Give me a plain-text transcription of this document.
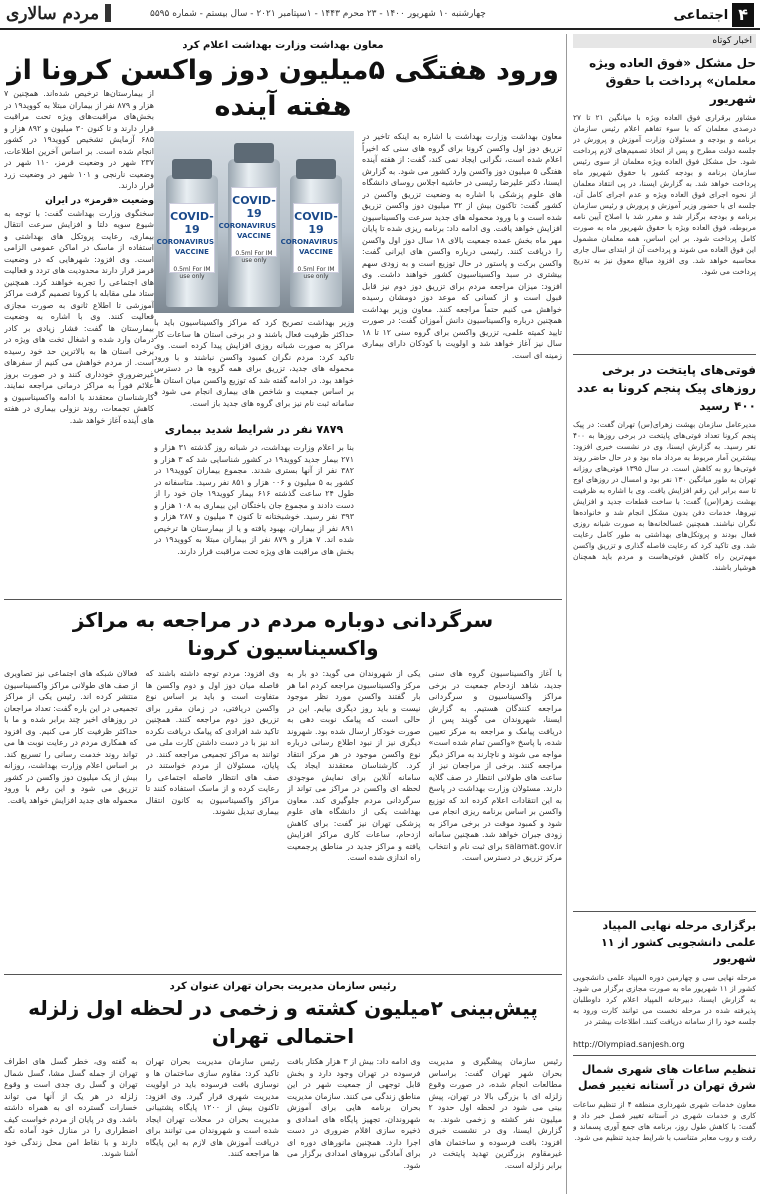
۴
اجتماعی
چهارشنبه ۱۰ شهریور ۱۴۰۰ - ۲۳ محرم ۱۴۴۳ - ۱سپتامبر ۲۰۲۱ - سال بیستم - شماره ۵۵۹۵
مردم سالاری
اخبار کوتاه
حل مشکل «فوق العاده ویژه معلمان» پرداخت با حقوق شهریور

مشاور برقراری فوق العاده ویژه با میانگین ۲۱ تا ۲۷ درصدی معلمان که با سوء تفاهم اعلام رئیس سازمان برنامه و بودجه و مسئولان وزارت آموزش و پرورش در جلسه دولت مطرح و پس از اتخاذ تصمیم‌های لازم پرداخت شود. حل مشکل فوق العاده ویژه معلمان از سوی رئیس سازمان برنامه و بودجه کشور با حقوق شهریور ماه پرداخت خواهد شد. به گزارش ایسنا، در پی انتقاد معلمان از نحوه اجرای فوق العاده ویژه و عدم اجرای کامل آن، جلسه ای با حضور وزیر آموزش و پرورش و رئیس سازمان برنامه و بودجه برگزار شد و مقرر شد با اصلاح آیین نامه مربوطه، فوق العاده ویژه با حقوق شهریور ماه به صورت کامل پرداخت شود. بر این اساس، همه معلمان مشمول این فوق العاده می شوند و پرداخت آن از ابتدای سال جاری محاسبه خواهد شد. وی افزود مبالغ معوق نیز به تدریج پرداخت می شود.

فوتی‌های پایتخت در برخی روزهای پیک پنجم کرونا به عدد ۴۰۰ رسید

مدیرعامل سازمان بهشت زهرای(س) تهران گفت: در پیک پنجم کرونا تعداد فوتی‌های پایتخت در برخی روزها به ۴۰۰ نفر رسید. به گزارش ایسنا، وی در نشست خبری افزود: بیشترین آمار مربوط به مرداد ماه بود و در حال حاضر روند فوتی‌ها رو به کاهش است. در سال ۱۳۹۵ فوتی‌های روزانه تهران به طور میانگین ۱۳۰ نفر بود و امسال در روزهای اوج تا سه برابر این رقم افزایش یافت. وی با اشاره به ظرفیت بهشت زهرا(س) گفت: با ساخت قطعات جدید و افزایش نیروها، خدمات دفن بدون مشکل انجام شد و خانواده‌ها نگران نباشند. همچنین غسالخانه‌ها به صورت شبانه روزی فعال بودند و پروتکل‌های بهداشتی به طور کامل رعایت شد. وی تاکید کرد که رعایت فاصله گذاری و تزریق واکسن مهم‌ترین راه کاهش فوتی‌هاست و مردم باید همچنان هوشیار باشند.

برگزاری مرحله نهایی المپیاد علمی دانشجویی کشور از ۱۱ شهریور

مرحله نهایی سی و چهارمین دوره المپیاد علمی دانشجویی کشور از ۱۱ شهریور ماه به صورت مجازی برگزار می شود. به گزارش ایسنا، دبیرخانه المپیاد اعلام کرد داوطلبان پذیرفته شده در مرحله نخست می توانند کارت ورود به جلسه خود را از سامانه دریافت کنند. اطلاعات بیشتر در

http://Olympiad.sanjesh.org
تنظیم ساعات های شهری شمال شرق تهران در آستانه تغییر فصل

معاون خدمات شهری شهرداری منطقه ۴ از تنظیم ساعات کاری و خدمات شهری در آستانه تغییر فصل خبر داد و گفت: با کاهش طول روز، برنامه های جمع آوری پسماند و رفت و روب معابر متناسب با شرایط جدید تنظیم می شود.

معاون بهداشت وزارت بهداشت اعلام کرد
ورود هفتگی ۵میلیون دوز واکسن کرونا از هفته آینده

معاون بهداشت وزارت بهداشت با اشاره به اینکه تاخیر در تزریق دوز اول واکسن کرونا برای گروه های سنی که اخیراً اعلام شده است، نگرانی ایجاد نمی کند، گفت: از هفته آینده هفتگی ۵ میلیون دوز واکسن وارد کشور می شود. به گزارش ایسنا، دکتر علیرضا رئیسی در حاشیه اجلاس روسای دانشگاه های علوم پزشکی با اشاره به وضعیت تزریق واکسن در کشور گفت: تاکنون بیش از ۳۲ میلیون دوز واکسن تزریق شده است و با ورود محموله های جدید سرعت واکسیناسیون افزایش خواهد یافت. وی ادامه داد: برنامه ریزی شده تا پایان مهر ماه بخش عمده جمعیت بالای ۱۸ سال دوز اول واکسن را دریافت کنند. رئیسی درباره واکسن های ایرانی گفت: واکسن برکت و پاستور در حال توزیع است و به زودی سهم بیشتری در سبد واکسیناسیون کشور خواهند داشت. وی افزود: میزان مراجعه مردم برای تزریق دوز دوم نیز قابل قبول است و از کسانی که موعد دوز دومشان رسیده خواهش می کنیم حتماً مراجعه کنند. معاون وزیر بهداشت همچنین درباره واکسیناسیون دانش آموزان گفت: در صورت تایید کمیته علمی، تزریق واکسن برای گروه سنی ۱۲ تا ۱۸ سال نیز آغاز خواهد شد و اولویت با کودکان دارای بیماری زمینه ای است.

COVID-19
CORONAVIRUS
VACCINE
0.5ml For IM use only
COVID-19
CORONAVIRUS
VACCINE
0.5ml For IM use only
COVID-19
CORONAVIRUS
VACCINE
0.5ml For IM use only

وزیر بهداشت تصریح کرد که مراکز واکسیناسیون باید با حداکثر ظرفیت فعال باشند و در برخی استان ها ساعات کار مراکز به صورت شبانه روزی افزایش پیدا کرده است. وی تاکید کرد: مردم نگران کمبود واکسن نباشند و با ورود محموله های جدید، تزریق برای همه گروه ها در دسترس خواهد بود. در ادامه گفته شد که توزیع واکسن میان استان ها بر اساس جمعیت و شاخص های بیماری انجام می شود و سامانه ثبت نام نیز برای گروه های جدید باز است.

۷۸۷۹ نفر در شرایط شدید بیماری

بنا بر اعلام وزارت بهداشت، در شبانه روز گذشته ۳۱ هزار و ۲۷۱ بیمار جدید کووید۱۹ در کشور شناسایی شد که ۳ هزار و ۳۸۲ نفر از آنها بستری شدند. مجموع بیماران کووید۱۹ در کشور به ۵ میلیون و ۰۰۶ هزار و ۸۵۱ نفر رسید. متاسفانه در طول ۲۴ ساعت گذشته ۶۱۶ بیمار کووید۱۹ جان خود را از دست دادند و مجموع جان باختگان این بیماری به ۱۰۸ هزار و ۳۹۳ نفر رسید. خوشبختانه تا کنون ۴ میلیون و ۲۸۷ هزار و ۸۹۱ نفر از بیماران، بهبود یافته و یا از بیمارستان ها ترخیص شده اند. ۷ هزار و ۸۷۹ نفر از بیماران مبتلا به کووید۱۹ در بخش های مراقبت های ویژه تحت مراقبت قرار دارند.

سرگردانی دوباره مردم در مراجعه به مراکز واکسیناسیون کرونا

با آغاز واکسیناسیون گروه های سنی جدید، شاهد ازدحام جمعیت در برخی مراکز واکسیناسیون و سرگردانی مراجعه کنندگان هستیم. به گزارش ایسنا، شهروندان می گویند پس از دریافت پیامک و مراجعه به مرکز تعیین شده، با پاسخ «واکسن تمام شده است» مواجه می شوند و ناچارند به مراکز دیگر مراجعه کنند. برخی از مراجعان نیز از ساعت های طولانی انتظار در صف گلایه دارند. مسئولان وزارت بهداشت در پاسخ به این انتقادات اعلام کرده اند که توزیع واکسن بر اساس برنامه ریزی انجام می شود و کمبود موقت در برخی مراکز به زودی جبران خواهد شد. همچنین سامانه salamat.gov.ir برای ثبت نام و انتخاب مرکز تزریق در دسترس است.

یکی از شهروندان می گوید: دو بار به مرکز واکسیناسیون مراجعه کردم اما هر بار گفتند واکسن مورد نظر موجود نیست و باید روز دیگری بیایم. این در حالی است که پیامک نوبت دهی به صورت خودکار ارسال شده بود. شهروند دیگری نیز از نبود اطلاع رسانی درباره نوع واکسن موجود در هر مرکز انتقاد کرد. کارشناسان معتقدند ایجاد یک سامانه آنلاین برای نمایش موجودی لحظه ای واکسن در مراکز می تواند از سرگردانی مردم جلوگیری کند. معاون بهداشت یکی از دانشگاه های علوم پزشکی تهران نیز گفت: برای کاهش ازدحام، ساعات کاری مراکز افزایش یافته و مراکز جدید در مناطق پرجمعیت راه اندازی شده است.

وی افزود: مردم توجه داشته باشند که فاصله میان دوز اول و دوم واکسن ها متفاوت است و باید بر اساس نوع واکسن دریافتی، در زمان مقرر برای تزریق دوز دوم مراجعه کنند. همچنین تاکید شد افرادی که پیامک دریافت نکرده اند نیز با در دست داشتن کارت ملی می توانند به مراکز تجمیعی مراجعه کنند. در پایان، مسئولان از مردم خواستند در صف های انتظار فاصله اجتماعی را رعایت کرده و از ماسک استفاده کنند تا مراکز واکسیناسیون به کانون انتقال بیماری تبدیل نشوند.

فعالان شبکه های اجتماعی نیز تصاویری از صف های طولانی مراکز واکسیناسیون منتشر کرده اند. رئیس یکی از مراکز تجمیعی در این باره گفت: تعداد مراجعان در روزهای اخیر چند برابر شده و ما با حداکثر ظرفیت کار می کنیم. وی افزود که همکاری مردم در رعایت نوبت ها می تواند روند خدمت رسانی را تسریع کند. بر اساس اعلام وزارت بهداشت، روزانه بیش از یک میلیون دوز واکسن در کشور تزریق می شود و این رقم با ورود محموله های جدید افزایش خواهد یافت.

رئیس سازمان مدیریت بحران تهران عنوان کرد
پیش‌بینی ۲میلیون کشته و زخمی در لحظه اول زلزله احتمالی تهران

رئیس سازمان پیشگیری و مدیریت بحران شهر تهران گفت: براساس مطالعات انجام شده، در صورت وقوع زلزله ای با بزرگی بالا در تهران، پیش بینی می شود در لحظه اول حدود ۲ میلیون نفر کشته و زخمی شوند. به گزارش ایسنا، وی در نشست خبری افزود: بافت فرسوده و ساختمان های غیرمقاوم بزرگترین تهدید پایتخت در برابر زلزله است.

وی ادامه داد: بیش از ۳ هزار هکتار بافت فرسوده در تهران وجود دارد و بخش قابل توجهی از جمعیت شهر در این مناطق زندگی می کنند. سازمان مدیریت بحران برنامه هایی برای آموزش شهروندان، تجهیز پایگاه های امدادی و ذخیره سازی اقلام ضروری در دست اجرا دارد. همچنین مانورهای دوره ای برای آمادگی نیروهای امدادی برگزار می شود.

رئیس سازمان مدیریت بحران تهران تاکید کرد: مقاوم سازی ساختمان ها و نوسازی بافت فرسوده باید در اولویت مدیریت شهری قرار گیرد. وی افزود: تاکنون بیش از ۱۲۰۰ پایگاه پشتیبانی مدیریت بحران در محلات تهران ایجاد شده است و شهروندان می توانند برای دریافت آموزش های لازم به این پایگاه ها مراجعه کنند.

به گفته وی، خطر گسل های اطراف تهران از جمله گسل مشا، گسل شمال تهران و گسل ری جدی است و وقوع زلزله در هر یک از آنها می تواند خسارات گسترده ای به همراه داشته باشد. وی در پایان از مردم خواست کیف اضطراری را در منازل خود آماده نگه دارند و با نقاط امن محل زندگی خود آشنا شوند.

از بیمارستان‌ها ترخیص شده‌اند. همچنین ۷ هزار و ۸۷۹ نفر از بیماران مبتلا به کووید۱۹ در بخش‌های مراقبت‌های ویژه تحت مراقبت قرار دارند و تا کنون ۳۰ میلیون و ۸۹۲ هزار و ۶۸۵ آزمایش تشخیص کووید۱۹ در کشور انجام شده است. بر اساس آخرین اطلاعات، ۲۳۷ شهر در وضعیت قرمز، ۱۱۰ شهر در وضعیت نارنجی و ۱۰۱ شهر در وضعیت زرد قرار دارند.

وضعیت «قرمز» در ایران

سخنگوی وزارت بهداشت گفت: با توجه به شیوع سویه دلتا و افزایش سرعت انتقال بیماری، رعایت پروتکل های بهداشتی و استفاده از ماسک در اماکن عمومی الزامی است. وی افزود: شهرهایی که در وضعیت قرمز قرار دارند محدودیت های تردد و فعالیت های اجتماعی را تجربه خواهند کرد. همچنین ستاد ملی مقابله با کرونا تصمیم گرفت مراکز آموزشی تا اطلاع ثانوی به صورت مجازی فعالیت کنند. وی با اشاره به وضعیت بیمارستان ها گفت: فشار زیادی بر کادر درمان وارد شده و اشغال تخت های ویژه در برخی استان ها به بالاترین حد خود رسیده است. از مردم خواهش می کنیم از سفرهای غیرضروری خودداری کنند و در صورت بروز علائم فوراً به مراکز درمانی مراجعه نمایند. کارشناسان معتقدند با ادامه واکسیناسیون و کاهش تجمعات، روند نزولی بیماری در هفته های آینده آغاز خواهد شد.
